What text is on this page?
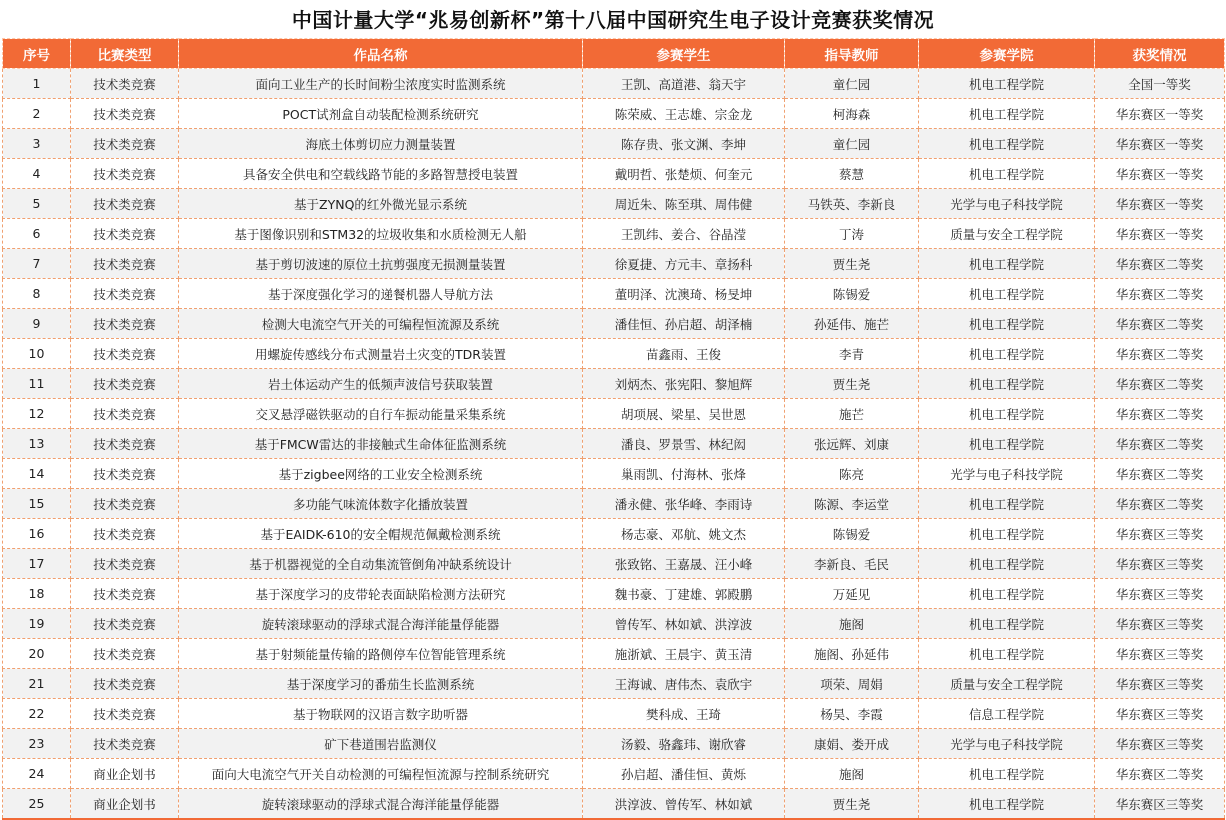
中国计量大学“兆易创新杯”第十八届中国研究生电子设计竞赛获奖情况
序号	比赛类型	作品名称	参赛学生	指导教师	参赛学院	获奖情况
1	技术类竞赛	面向工业生产的长时间粉尘浓度实时监测系统	王凯、高道港、翁天宇	童仁园	机电工程学院	全国一等奖
2	技术类竞赛	POCT试剂盒自动装配检测系统研究	陈荣威、王志雄、宗金龙	柯海森	机电工程学院	华东赛区一等奖
3	技术类竞赛	海底土体剪切应力测量装置	陈存贵、张文渊、李坤	童仁园	机电工程学院	华东赛区一等奖
4	技术类竞赛	具备安全供电和空载线路节能的多路智慧授电装置	戴明哲、张楚烦、何奎元	蔡慧	机电工程学院	华东赛区一等奖
5	技术类竞赛	基于ZYNQ的红外微光显示系统	周近朱、陈至琪、周伟健	马铁英、李新良	光学与电子科技学院	华东赛区一等奖
6	技术类竞赛	基于图像识别和STM32的垃圾收集和水质检测无人船	王凯纬、姜合、谷晶滢	丁涛	质量与安全工程学院	华东赛区一等奖
7	技术类竞赛	基于剪切波速的原位土抗剪强度无损测量装置	徐夏捷、方元丰、章扬科	贾生尧	机电工程学院	华东赛区二等奖
8	技术类竞赛	基于深度强化学习的递餐机器人导航方法	董明泽、沈澳琦、杨旻坤	陈锡爱	机电工程学院	华东赛区二等奖
9	技术类竞赛	检测大电流空气开关的可编程恒流源及系统	潘佳恒、孙启超、胡泽楠	孙延伟、施芒	机电工程学院	华东赛区二等奖
10	技术类竞赛	用螺旋传感线分布式测量岩土灾变的TDR装置	苗鑫雨、王俊	李青	机电工程学院	华东赛区二等奖
11	技术类竞赛	岩土体运动产生的低频声波信号获取装置	刘炳杰、张宪阳、黎旭辉	贾生尧	机电工程学院	华东赛区二等奖
12	技术类竞赛	交叉悬浮磁铁驱动的自行车振动能量采集系统	胡项展、梁星、吴世恩	施芒	机电工程学院	华东赛区二等奖
13	技术类竞赛	基于FMCW雷达的非接触式生命体征监测系统	潘良、罗景雪、林纪闳	张远辉、刘康	机电工程学院	华东赛区二等奖
14	技术类竞赛	基于zigbee网络的工业安全检测系统	巢雨凯、付海林、张烽	陈亮	光学与电子科技学院	华东赛区二等奖
15	技术类竞赛	多功能气味流体数字化播放装置	潘永健、张华峰、李雨诗	陈源、李运堂	机电工程学院	华东赛区二等奖
16	技术类竞赛	基于EAIDK-610的安全帽规范佩戴检测系统	杨志豪、邓航、姚文杰	陈锡爱	机电工程学院	华东赛区三等奖
17	技术类竞赛	基于机器视觉的全自动集流管倒角冲缺系统设计	张致铭、王嘉晟、汪小峰	李新良、毛民	机电工程学院	华东赛区三等奖
18	技术类竞赛	基于深度学习的皮带轮表面缺陷检测方法研究	魏书豪、丁建雄、郭殿鹏	万延见	机电工程学院	华东赛区三等奖
19	技术类竞赛	旋转滚球驱动的浮球式混合海洋能量俘能器	曾传军、林如斌、洪淳波	施阁	机电工程学院	华东赛区三等奖
20	技术类竞赛	基于射频能量传输的路侧停车位智能管理系统	施浙斌、王晨宇、黄玉清	施阁、孙延伟	机电工程学院	华东赛区三等奖
21	技术类竞赛	基于深度学习的番茄生长监测系统	王海诚、唐伟杰、袁欣宇	项荣、周娟	质量与安全工程学院	华东赛区三等奖
22	技术类竞赛	基于物联网的汉语言数字助听器	樊科成、王琦	杨昊、李霞	信息工程学院	华东赛区三等奖
23	技术类竞赛	矿下巷道围岩监测仪	汤毅、骆鑫玮、谢欣睿	康娟、娄开成	光学与电子科技学院	华东赛区三等奖
24	商业企划书	面向大电流空气开关自动检测的可编程恒流源与控制系统研究	孙启超、潘佳恒、黄烁	施阁	机电工程学院	华东赛区二等奖
25	商业企划书	旋转滚球驱动的浮球式混合海洋能量俘能器	洪淳波、曾传军、林如斌	贾生尧	机电工程学院	华东赛区三等奖
